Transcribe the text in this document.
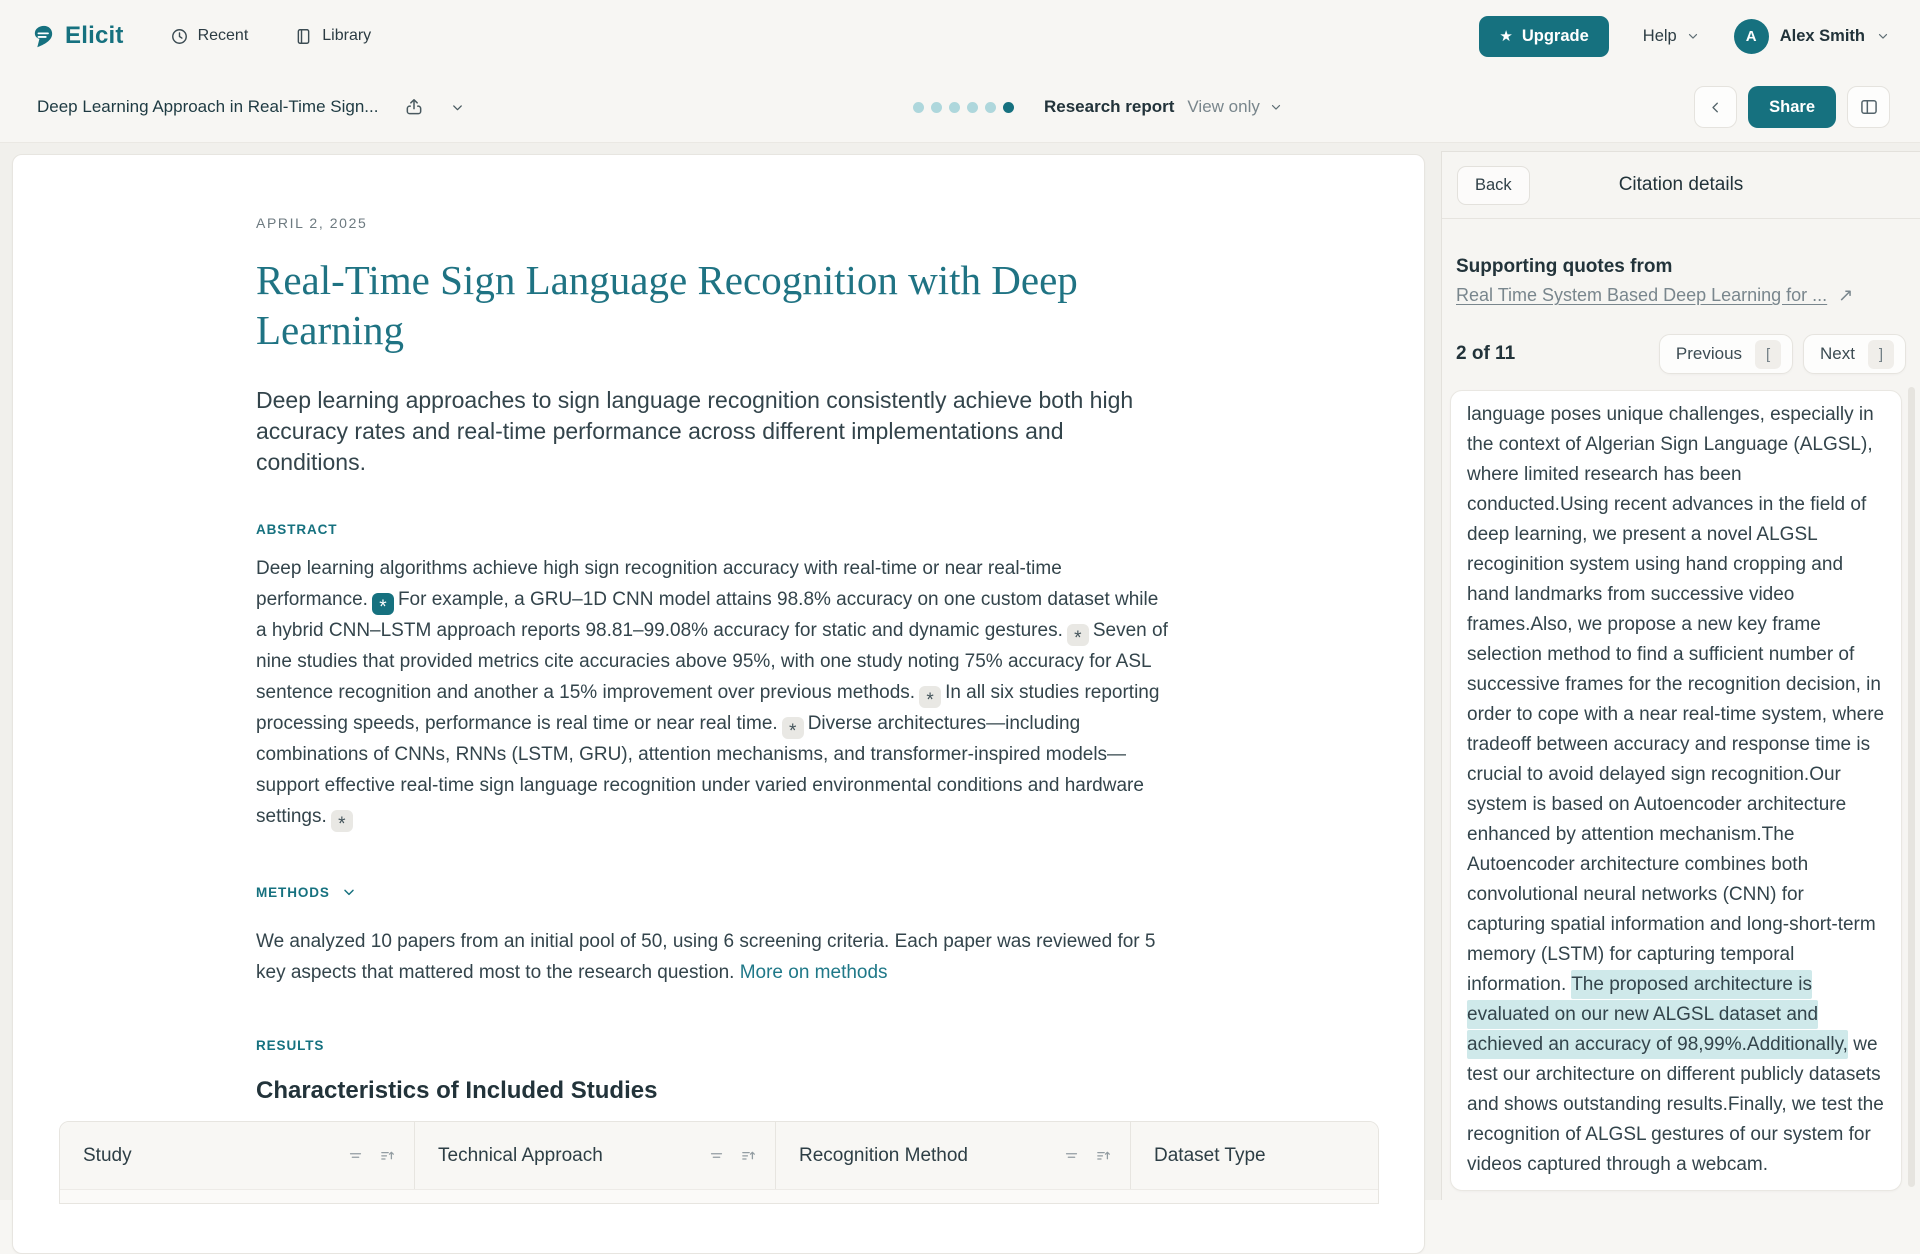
Elicit	Recent	Library	★ Upgrade	Help	A	Alex Smith
Deep Learning Approach in Real-Time Sign...	Research report View only	Share
APRIL 2, 2025
Real-Time Sign Language Recognition with Deep Learning
Deep learning approaches to sign language recognition consistently achieve both high accuracy rates and real-time performance across different implementations and conditions.
ABSTRACT
Deep learning algorithms achieve high sign recognition accuracy with real-time or near real-time performance. * For example, a GRU–1D CNN model attains 98.8% accuracy on one custom dataset while a hybrid CNN–LSTM approach reports 98.81–99.08% accuracy for static and dynamic gestures. * Seven of nine studies that provided metrics cite accuracies above 95%, with one study noting 75% accuracy for ASL sentence recognition and another a 15% improvement over previous methods. * In all six studies reporting processing speeds, performance is real time or near real time. * Diverse architectures—including combinations of CNNs, RNNs (LSTM, GRU), attention mechanisms, and transformer-inspired models—support effective real-time sign language recognition under varied environmental conditions and hardware settings. *
METHODS
We analyzed 10 papers from an initial pool of 50, using 6 screening criteria. Each paper was reviewed for 5 key aspects that mattered most to the research question. More on methods
RESULTS
Characteristics of Included Studies
Study	Technical Approach	Recognition Method	Dataset Type
Back	Citation details
Supporting quotes from
Real Time System Based Deep Learning for ... ↗
2 of 11	Previous	[	Next	]
language poses unique challenges, especially in the context of Algerian Sign Language (ALGSL), where limited research has been conducted.Using recent advances in the field of deep learning, we present a novel ALGSL recoginition system using hand cropping and hand landmarks from successive video frames.Also, we propose a new key frame selection method to find a sufficient number of successive frames for the recognition decision, in order to cope with a near real-time system, where tradeoff between accuracy and response time is crucial to avoid delayed sign recognition.Our system is based on Autoencoder architecture enhanced by attention mechanism.The Autoencoder architecture combines both convolutional neural networks (CNN) for capturing spatial information and long-short-term memory (LSTM) for capturing temporal information. The proposed architecture is evaluated on our new ALGSL dataset and achieved an accuracy of 98,99%.Additionally, we test our architecture on different publicly datasets and shows outstanding results.Finally, we test the recognition of ALGSL gestures of our system for videos captured through a webcam.
